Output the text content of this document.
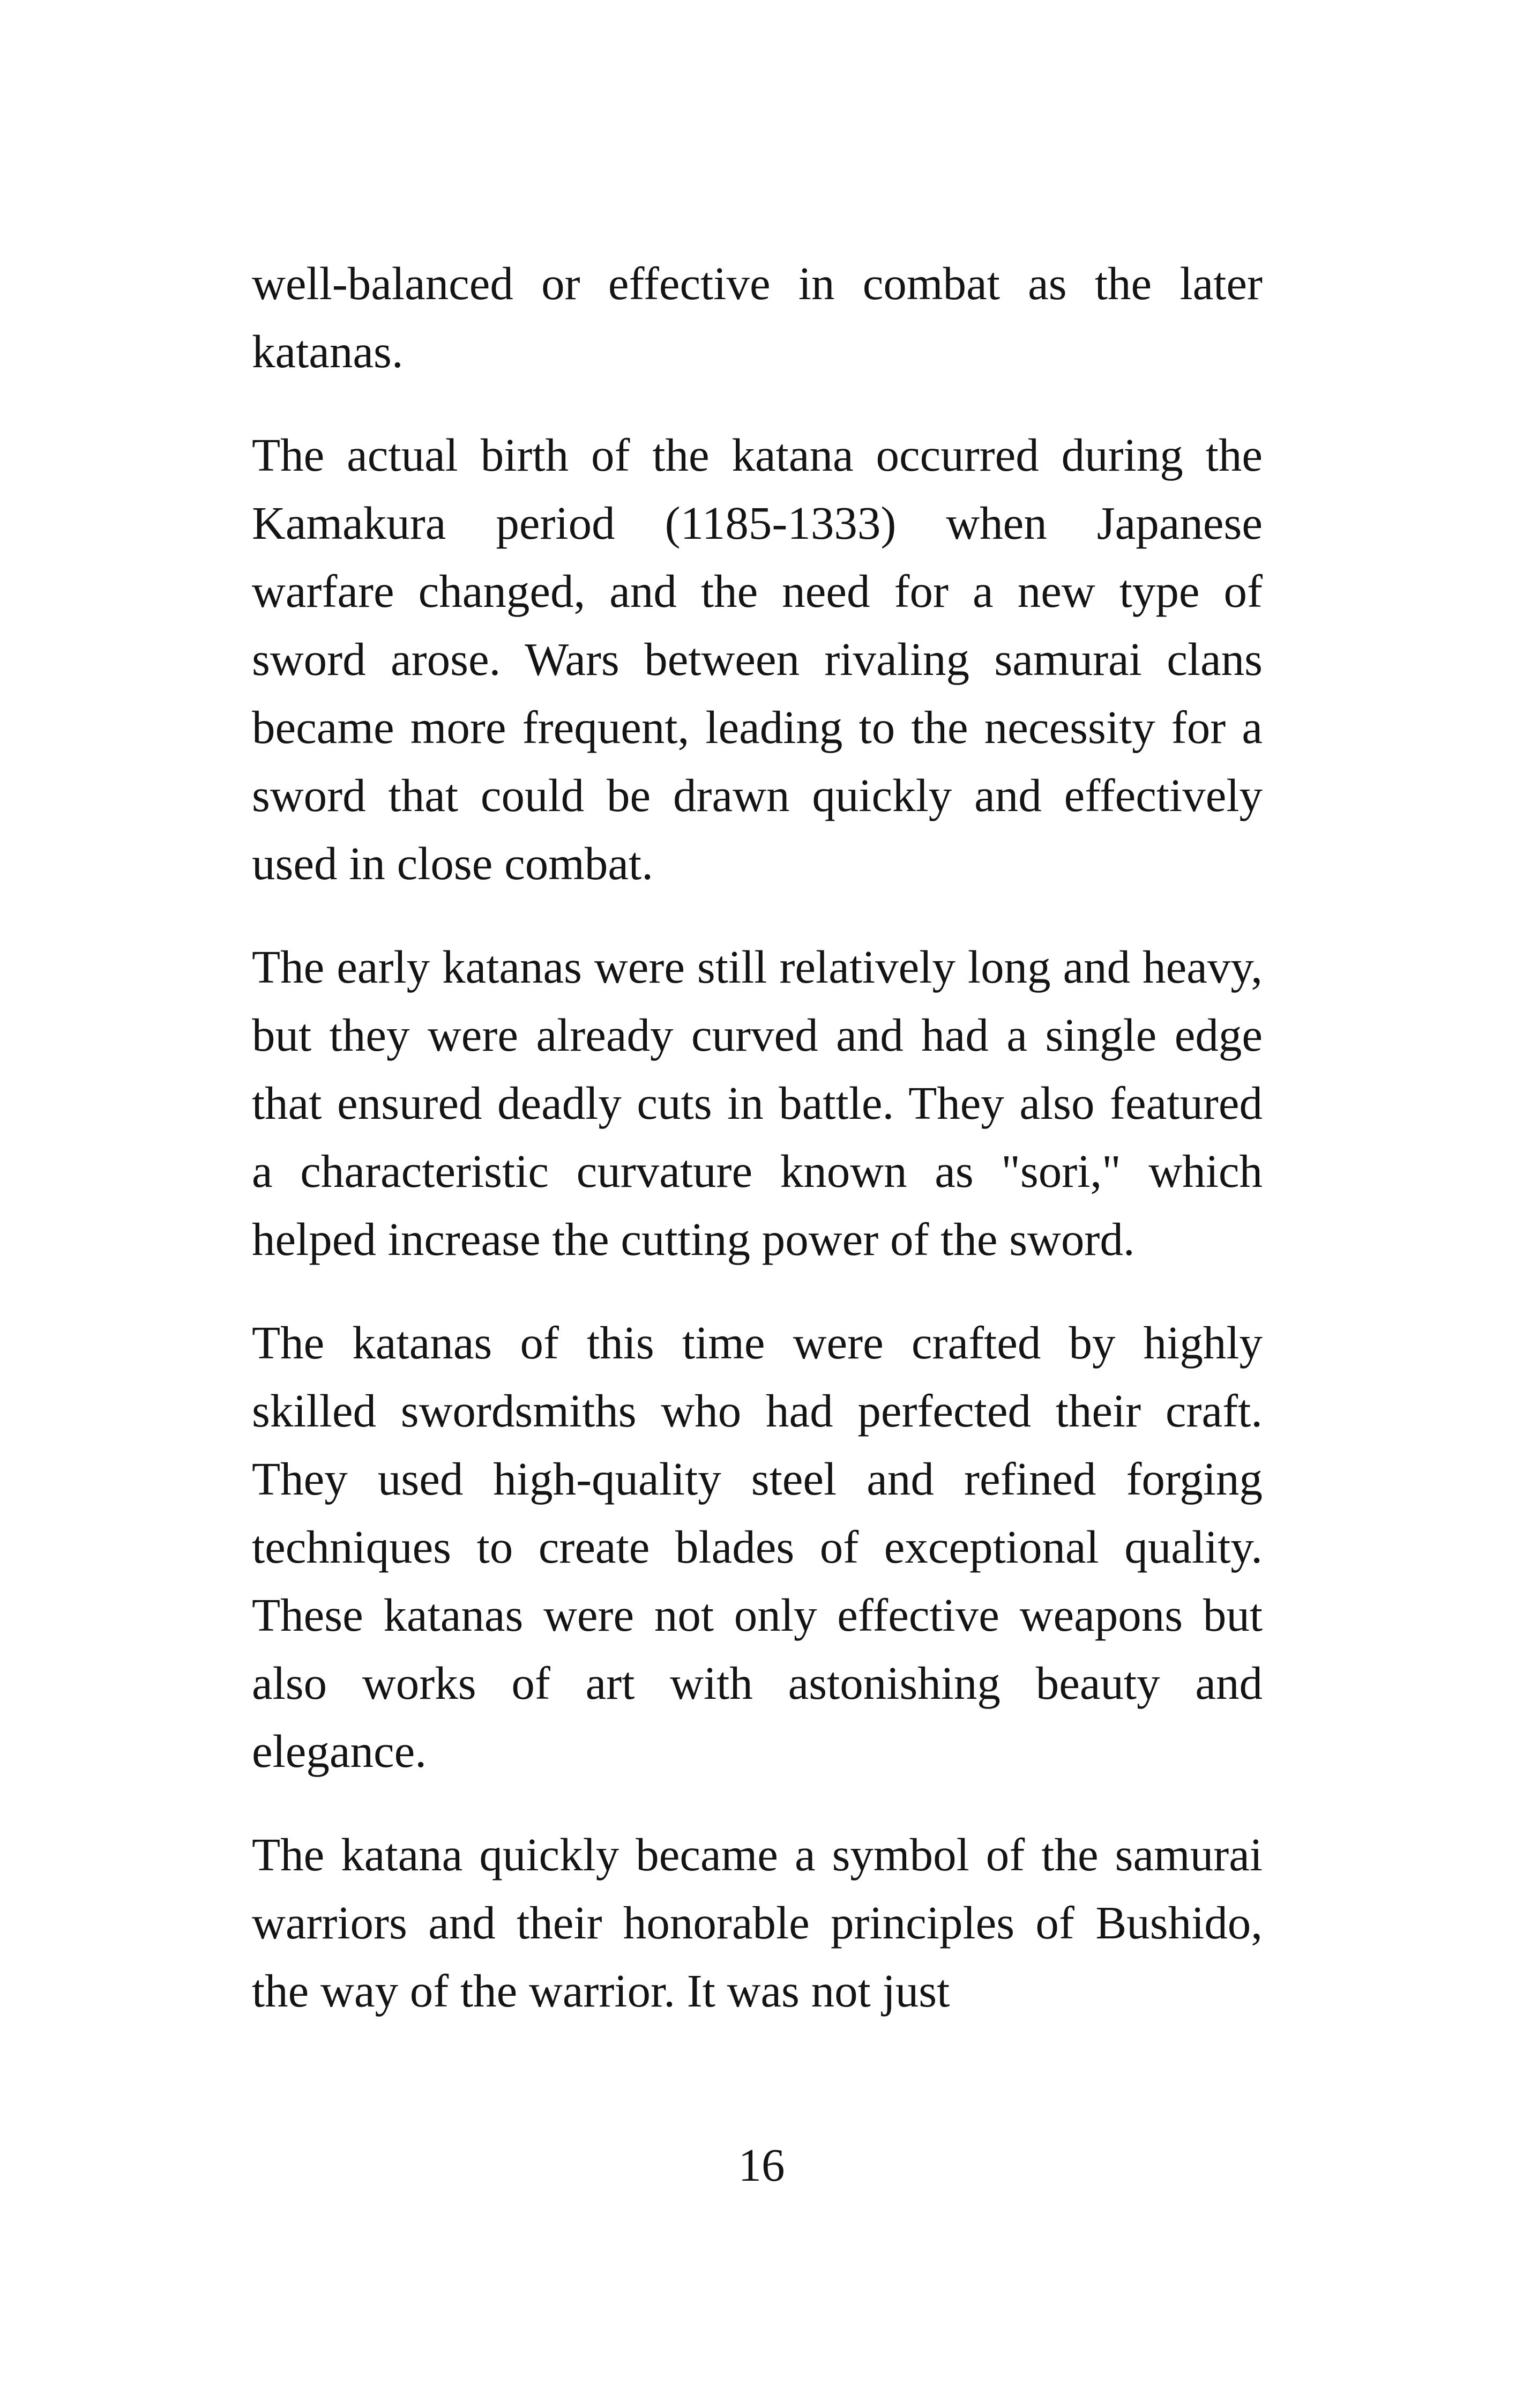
well-balanced or effective in combat as the later katanas.

The actual birth of the katana occurred during the Kamakura period (1185-1333) when Japanese warfare changed, and the need for a new type of sword arose. Wars between rivaling samurai clans became more frequent, leading to the necessity for a sword that could be drawn quickly and effectively used in close combat.

The early katanas were still relatively long and heavy, but they were already curved and had a single edge that ensured deadly cuts in battle. They also featured a characteristic curvature known as "sori," which helped increase the cutting power of the sword.

The katanas of this time were crafted by highly skilled swordsmiths who had perfected their craft. They used high-quality steel and refined forging techniques to create blades of exceptional quality. These katanas were not only effective weapons but also works of art with astonishing beauty and elegance.

The katana quickly became a symbol of the samurai warriors and their honorable principles of Bushido, the way of the warrior. It was not just

16
